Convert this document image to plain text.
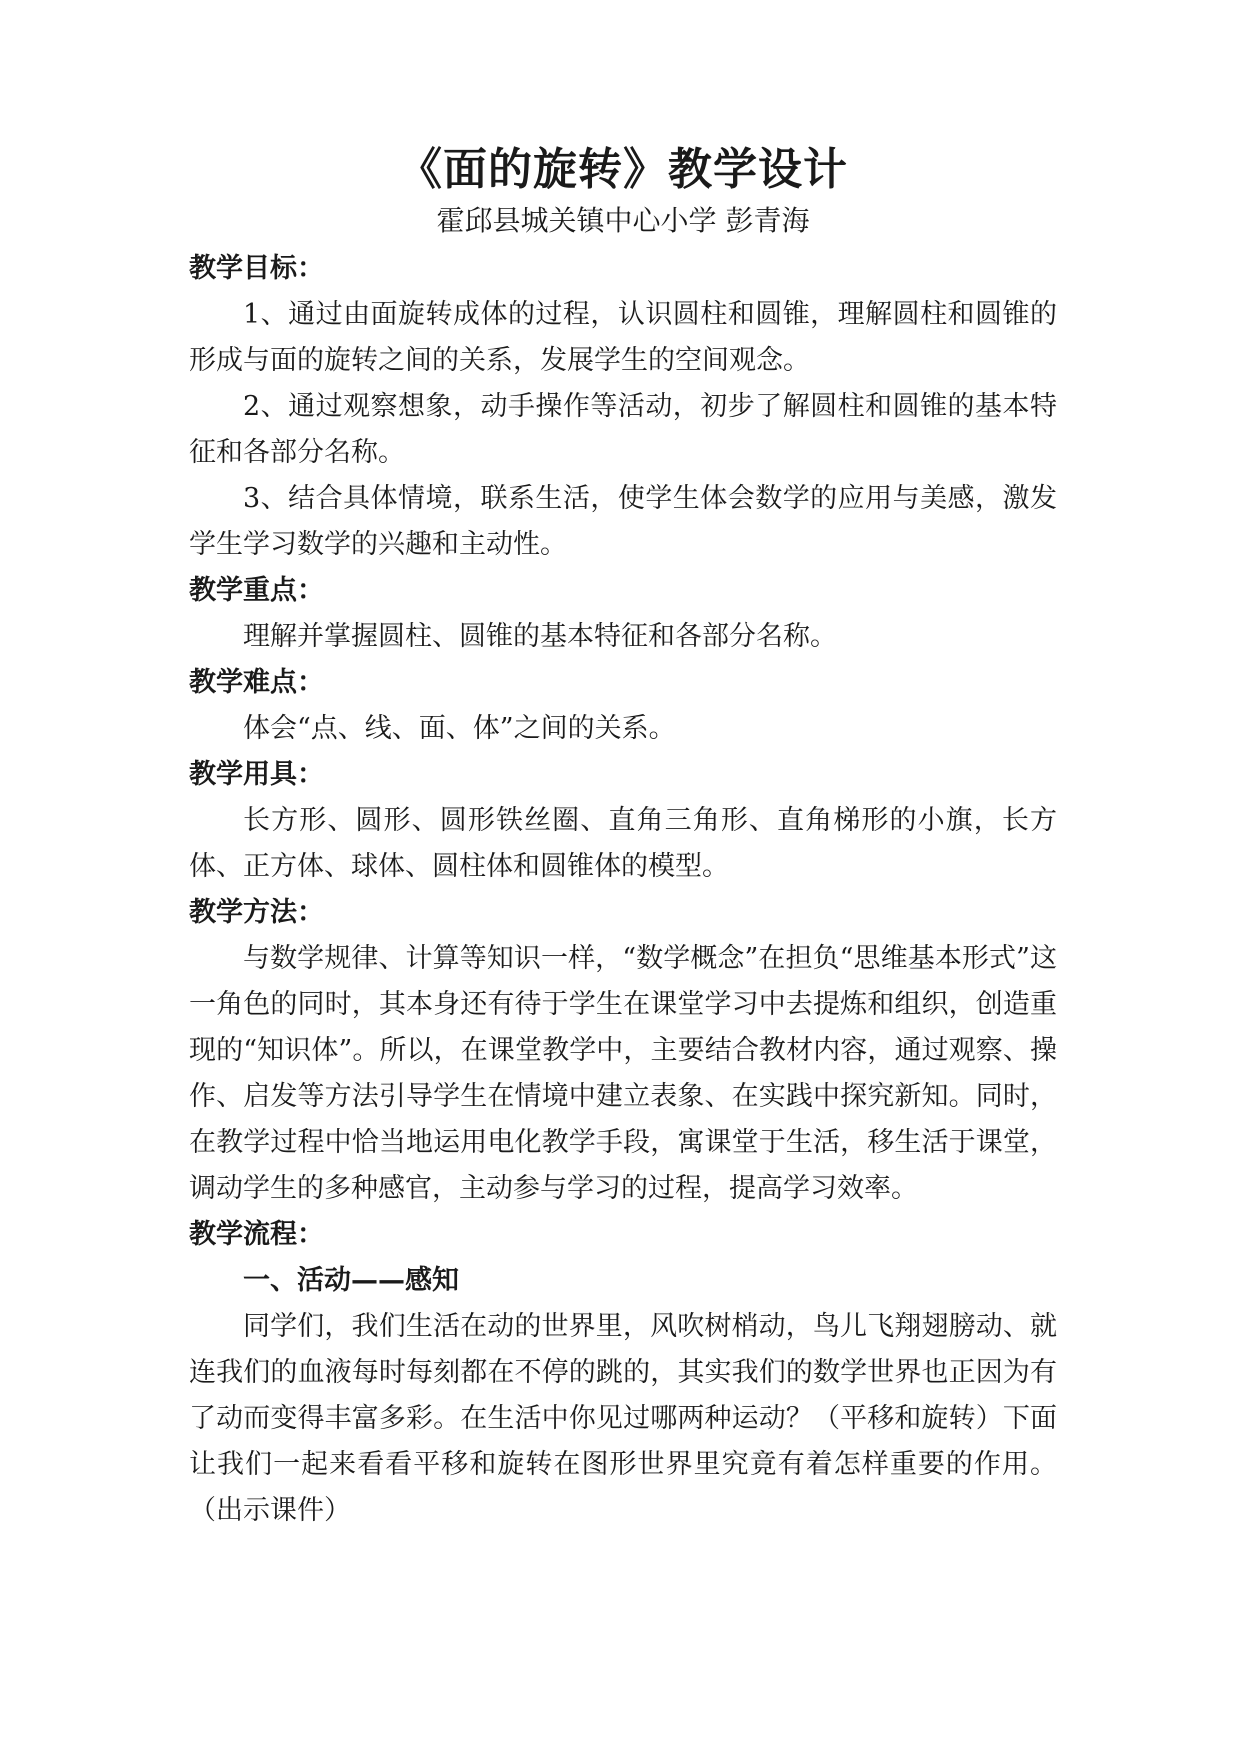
《面的旋转》教学设计

霍邱县城关镇中心小学 彭青海

教学目标：

1、通过由面旋转成体的过程，认识圆柱和圆锥，理解圆柱和圆锥的形成与面的旋转之间的关系，发展学生的空间观念。

2、通过观察想象，动手操作等活动，初步了解圆柱和圆锥的基本特征和各部分名称。

3、结合具体情境，联系生活，使学生体会数学的应用与美感，激发学生学习数学的兴趣和主动性。

教学重点：

理解并掌握圆柱、圆锥的基本特征和各部分名称。

教学难点：

体会“点、线、面、体”之间的关系。

教学用具：

长方形、圆形、圆形铁丝圈、直角三角形、直角梯形的小旗，长方体、正方体、球体、圆柱体和圆锥体的模型。

教学方法：

与数学规律、计算等知识一样，“数学概念”在担负“思维基本形式”这一角色的同时，其本身还有待于学生在课堂学习中去提炼和组织，创造重现的“知识体”。所以，在课堂教学中，主要结合教材内容，通过观察、操作、启发等方法引导学生在情境中建立表象、在实践中探究新知。同时，在教学过程中恰当地运用电化教学手段，寓课堂于生活，移生活于课堂，调动学生的多种感官，主动参与学习的过程，提高学习效率。

教学流程：

一、活动——感知

同学们，我们生活在动的世界里，风吹树梢动，鸟儿飞翔翅膀动、就连我们的血液每时每刻都在不停的跳的，其实我们的数学世界也正因为有了动而变得丰富多彩。在生活中你见过哪两种运动？（平移和旋转）下面让我们一起来看看平移和旋转在图形世界里究竟有着怎样重要的作用。（出示课件）
